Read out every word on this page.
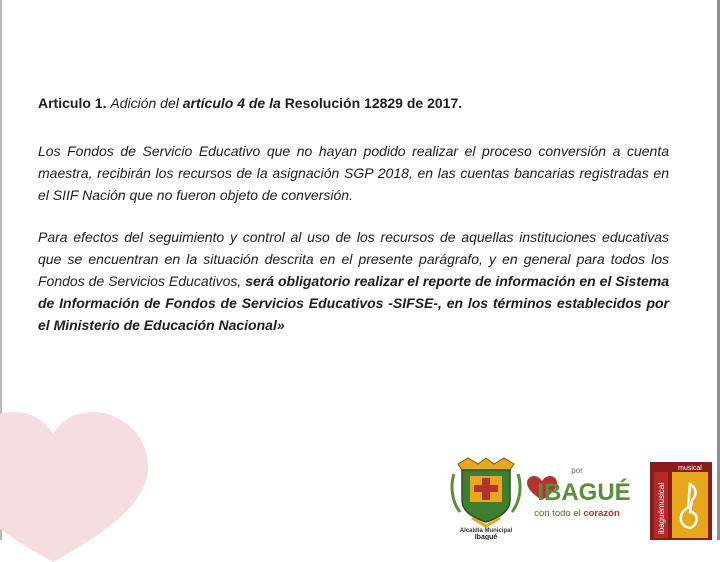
Articulo 1. Adición del artículo 4 de la Resolución 12829 de 2017.

Los Fondos de Servicio Educativo que no hayan podido realizar el proceso conversión a cuenta maestra, recibirán los recursos de la asignación SGP 2018, en las cuentas bancarias registradas en el SIIF Nación que no fueron objeto de conversión.

Para efectos del seguimiento y control al uso de los recursos de aquellas instituciones educativas que se encuentran en la situación descrita en el presente parágrafo, y en general para todos los Fondos de Servicios Educativos, será obligatorio realizar el reporte de información en el Sistema de Información de Fondos de Servicios Educativos -SIFSE-, en los términos establecidos por el Ministerio de Educación Nacional»

Alcaldía Municipal
Ibagué
por
IBAGUÉ
con todo el corazón
musical
ibaguémusical
